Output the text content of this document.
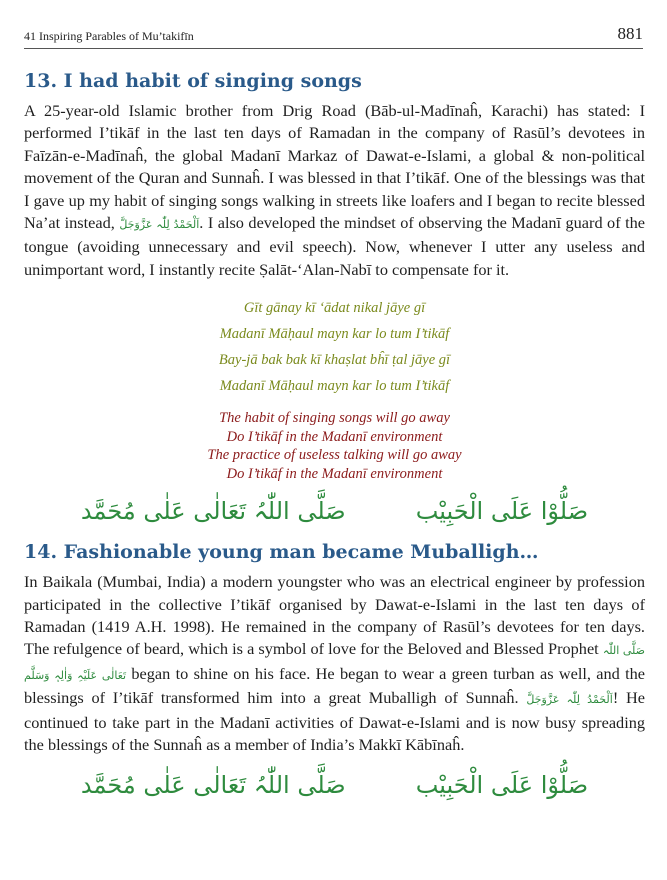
41 Inspiring Parables of Mu’takifīn	881
13. I had habit of singing songs

A 25-year-old Islamic brother from Drig Road (Bāb-ul-Madīnaĥ, Karachi) has stated: I performed I’tikāf in the last ten days of Ramadan in the company of Rasūl’s devotees in Faīzān-e-Madīnaĥ, the global Madanī Markaz of Dawat-e-Islami, a global & non-political movement of the Quran and Sunnaĥ. I was blessed in that I’tikāf. One of the blessings was that I gave up my habit of singing songs walking in streets like loafers and I began to recite blessed Na’at instead, اَلْحَمْدُ لِلّٰہ عَزَّوَجَلَّ. I also developed the mindset of observing the Madanī guard of the tongue (avoiding unnecessary and evil speech). Now, whenever I utter any useless and unimportant word, I instantly recite Ṣalāt-‘Alan-Nabī to compensate for it.

Gīt gānay kī ‘ādat nikal jāye gī
Madanī Māḥaul mayn kar lo tum I’tikāf
Bay-jā bak bak kī khaṣlat bĥī ṭal jāye gī
Madanī Māḥaul mayn kar lo tum I’tikāf
The habit of singing songs will go away
Do I’tikāf in the Madanī environment
The practice of useless talking will go away
Do I’tikāf in the Madanī environment
صَلُّوْا عَلَی الْحَبِیْب
صَلَّی اللّٰہُ تَعَالٰی عَلٰی مُحَمَّد
14. Fashionable young man became Muballigh…

In Baikala (Mumbai, India) a modern youngster who was an electrical engineer by profession participated in the collective I’tikāf organised by Dawat-e-Islami in the last ten days of Ramadan (1419 A.H. 1998). He remained in the company of Rasūl’s devotees for ten days. The refulgence of beard, which is a symbol of love for the Beloved and Blessed Prophet صَلَّی اللّٰہ تَعَالٰی عَلَیْہِ وَاٰلِہٖ وَسَلَّم began to shine on his face. He began to wear a green turban as well, and the blessings of I’tikāf transformed him into a great Muballigh of Sunnaĥ. اَلْحَمْدُ لِلّٰہ عَزَّوَجَلَّ! He continued to take part in the Madanī activities of Dawat-e-Islami and is now busy spreading the blessings of the Sunnaĥ as a member of India’s Makkī Kābīnaĥ.

صَلُّوْا عَلَی الْحَبِیْب
صَلَّی اللّٰہُ تَعَالٰی عَلٰی مُحَمَّد
